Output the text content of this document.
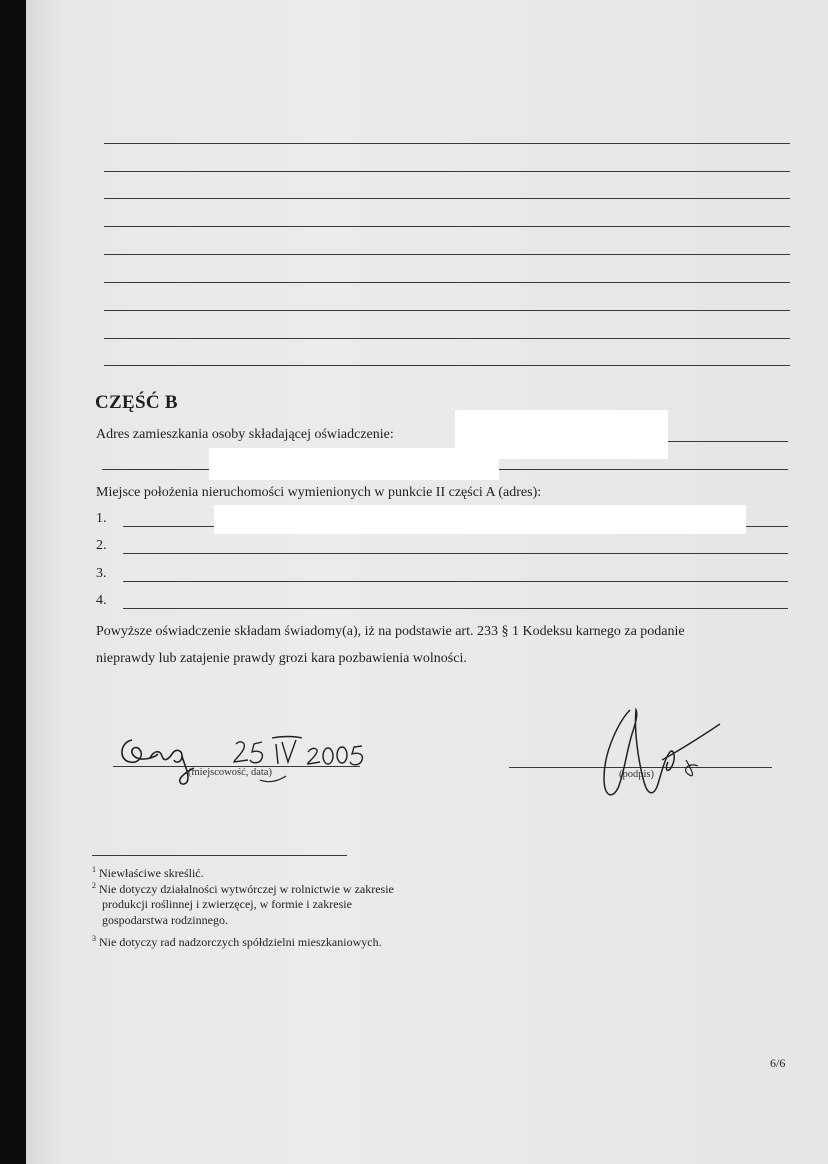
CZĘŚĆ B
Adres zamieszkania osoby składającej oświadczenie:
Miejsce położenia nieruchomości wymienionych w punkcie II części A (adres):
1.
2.
3.
4.
Powyższe oświadczenie składam świadomy(a), iż na podstawie art. 233 § 1 Kodeksu karnego za podanie
nieprawdy lub zatajenie prawdy grozi kara pozbawienia wolności.
(miejscowość, data)	(podpis)
$^1$ Niewłaściwe skreślić.
$^2$ Nie dotyczy działalności wytwórczej w rolnictwie w zakresie
produkcji roślinnej i zwierzęcej, w formie i zakresie
gospodarstwa rodzinnego.
$^3$ Nie dotyczy rad nadzorczych spółdzielni mieszkaniowych.
6/6
